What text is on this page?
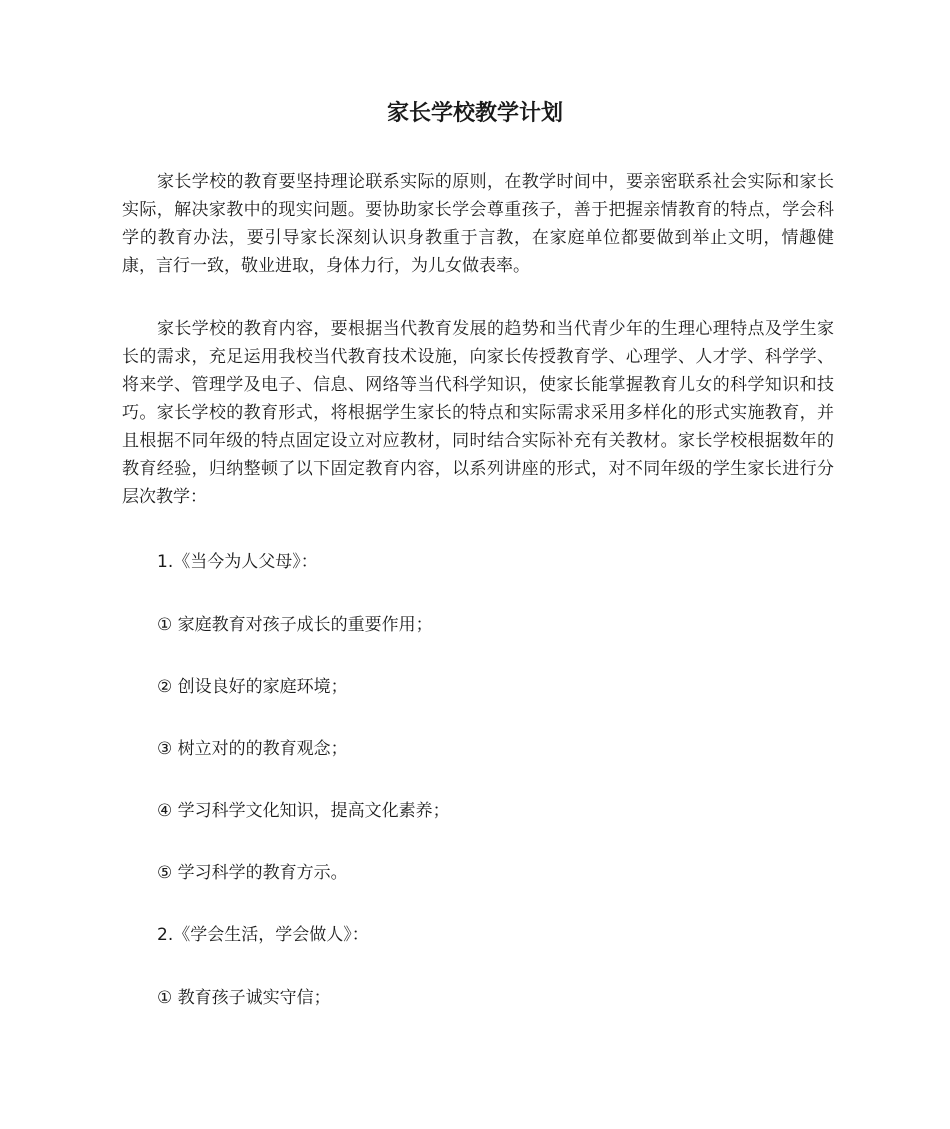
家长学校教学计划

家长学校的教育要坚持理论联系实际的原则，在教学时间中，要亲密联系社会实际和家长实际，解决家教中的现实问题。要协助家长学会尊重孩子，善于把握亲情教育的特点，学会科学的教育办法，要引导家长深刻认识身教重于言教，在家庭单位都要做到举止文明，情趣健康，言行一致，敬业进取，身体力行，为儿女做表率。

家长学校的教育内容，要根据当代教育发展的趋势和当代青少年的生理心理特点及学生家长的需求，充足运用我校当代教育技术设施，向家长传授教育学、心理学、人才学、科学学、将来学、管理学及电子、信息、网络等当代科学知识，使家长能掌握教育儿女的科学知识和技巧。家长学校的教育形式，将根据学生家长的特点和实际需求采用多样化的形式实施教育，并且根据不同年级的特点固定设立对应教材，同时结合实际补充有关教材。家长学校根据数年的教育经验，归纳整顿了以下固定教育内容，以系列讲座的形式，对不同年级的学生家长进行分层次教学：

1.《当今为人父母》：

① 家庭教育对孩子成长的重要作用；

② 创设良好的家庭环境；

③ 树立对的的教育观念；

④ 学习科学文化知识，提高文化素养；

⑤ 学习科学的教育方示。

2.《学会生活，学会做人》：

① 教育孩子诚实守信；
